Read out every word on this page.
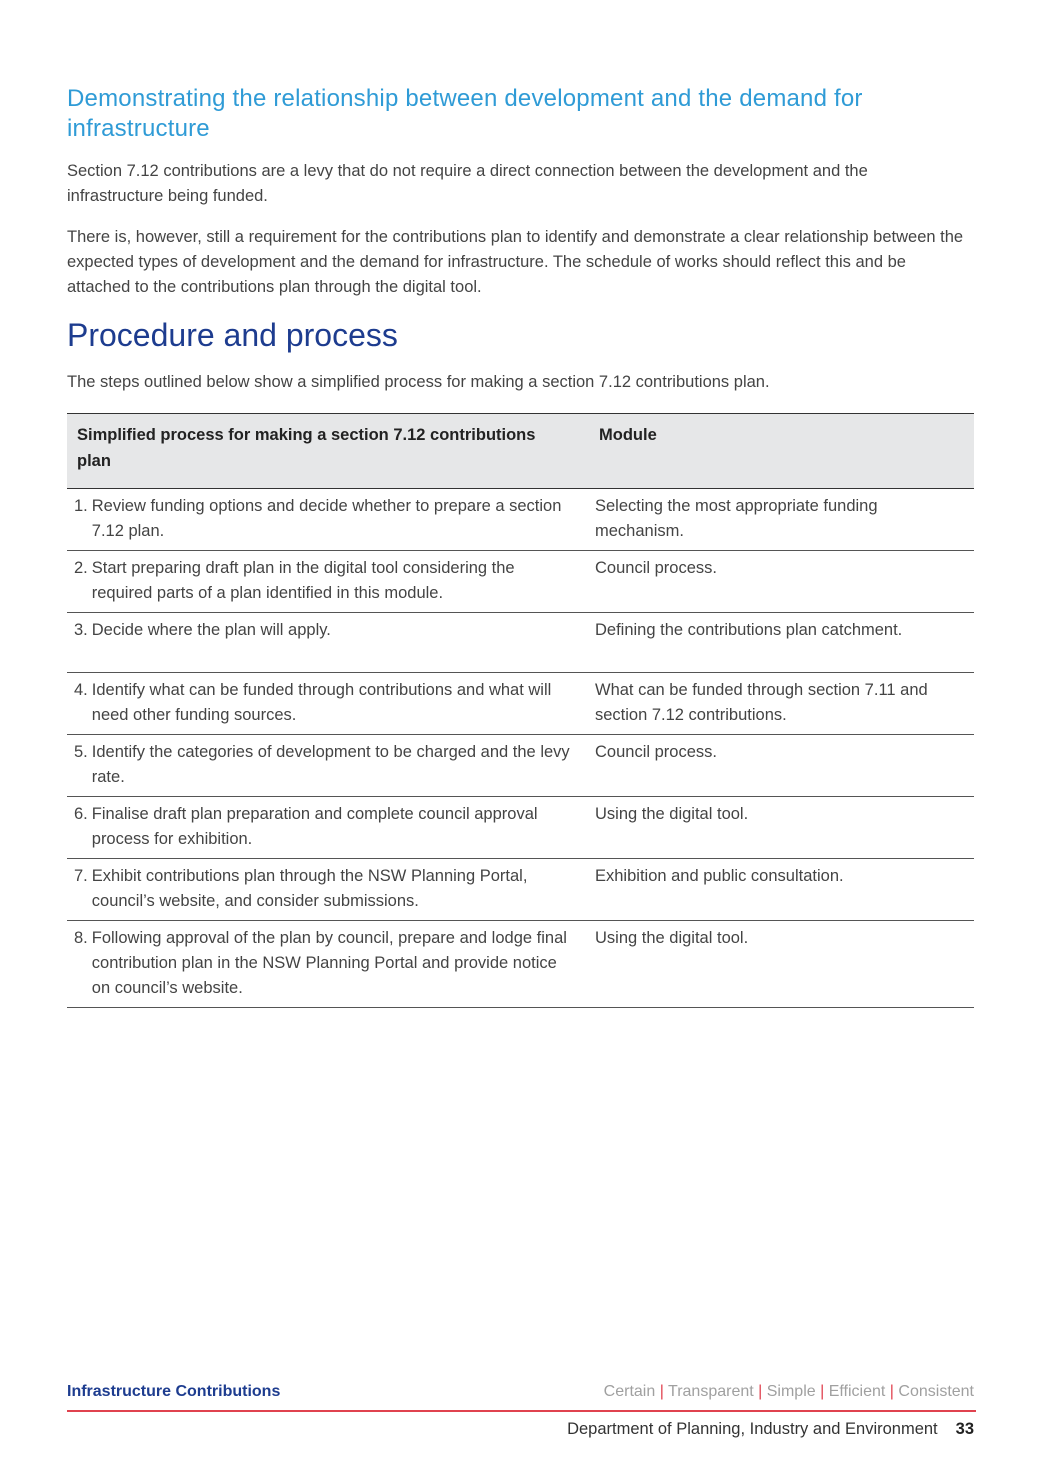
Demonstrating the relationship between development and the demand for infrastructure
Section 7.12 contributions are a levy that do not require a direct connection between the development and the infrastructure being funded.
There is, however, still a requirement for the contributions plan to identify and demonstrate a clear relationship between the expected types of development and the demand for infrastructure. The schedule of works should reflect this and be attached to the contributions plan through the digital tool.
Procedure and process
The steps outlined below show a simplified process for making a section 7.12 contributions plan.
Simplified process for making a section 7.12 contributions plan	Module

1. Review funding options and decide whether to prepare a section 7.12 plan.	Selecting the most appropriate funding mechanism.

2. Start preparing draft plan in the digital tool considering the required parts of a plan identified in this module.	Council process.

3. Decide where the plan will apply.	Defining the contributions plan catchment.

4. Identify what can be funded through contributions and what will need other funding sources.	What can be funded through section 7.11 and section 7.12 contributions.

5. Identify the categories of development to be charged and the levy rate.	Council process.

6. Finalise draft plan preparation and complete council approval process for exhibition.	Using the digital tool.

7. Exhibit contributions plan through the NSW Planning Portal, council’s website, and consider submissions.	Exhibition and public consultation.

8. Following approval of the plan by council, prepare and lodge final contribution plan in the NSW Planning Portal and provide notice on council’s website.	Using the digital tool.
Infrastructure Contributions	Certain | Transparent | Simple | Efficient | Consistent
Department of Planning, Industry and Environment 33
